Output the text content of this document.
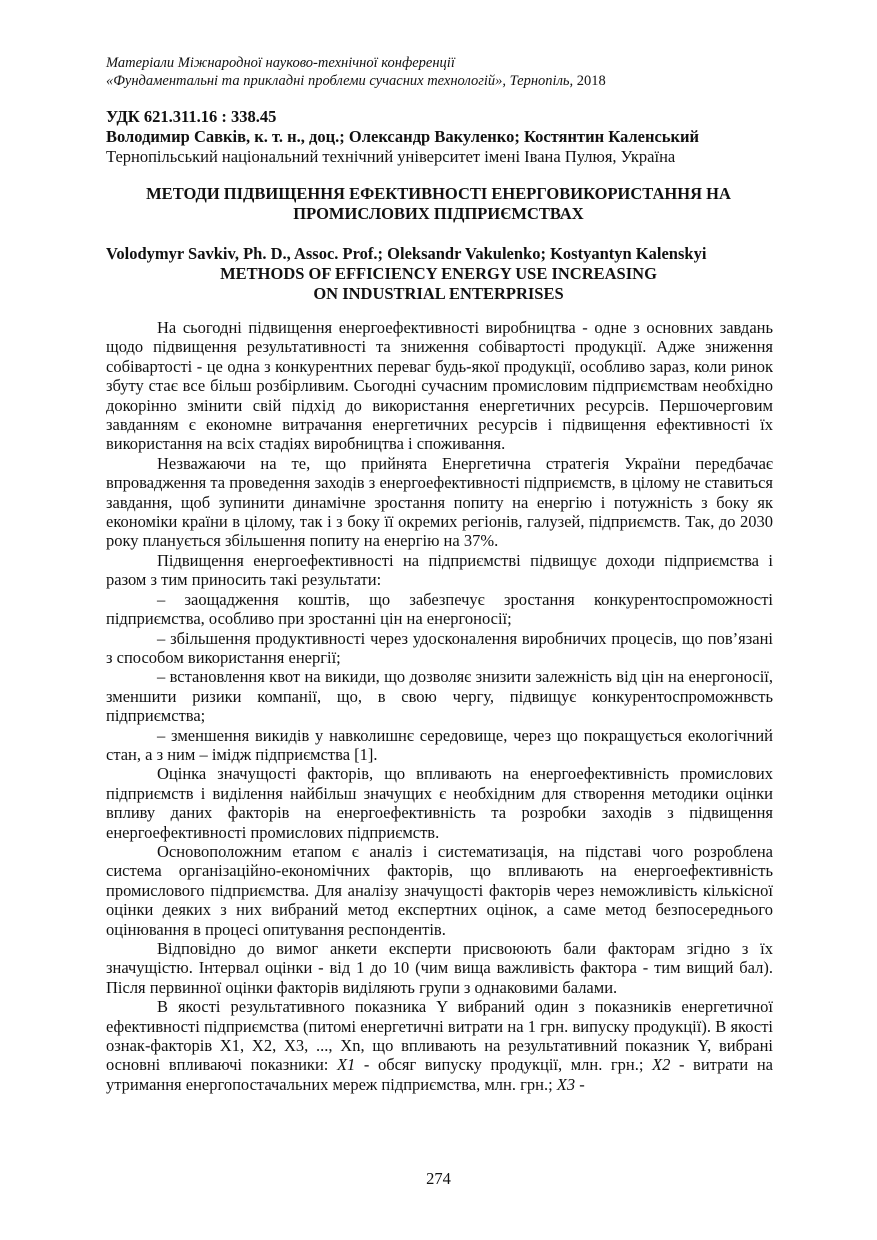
Матеріали Міжнародної науково-технічної конференції
«Фундаментальні та прикладні проблеми сучасних технологій», Тернопіль, 2018
УДК 621.311.16 : 338.45
Володимир Савків, к. т. н., доц.; Олександр Вакуленко; Костянтин Каленський
Тернопільський національний технічний університет імені Івана Пулюя, Україна
МЕТОДИ ПІДВИЩЕННЯ ЕФЕКТИВНОСТІ ЕНЕРГОВИКОРИСТАННЯ НА
ПРОМИСЛОВИХ ПІДПРИЄМСТВАХ
Volodymyr Savkiv, Ph. D., Assoc. Prof.; Oleksandr Vakulenko; Kostyantyn Kalenskyi
METHODS OF EFFICIENCY ENERGY USE INCREASING
ON INDUSTRIAL ENTERPRISES

На сьогодні підвищення енергоефективності виробництва - одне з основних завдань щодо підвищення результативності та зниження собівартості продукції. Адже зниження собівартості - це одна з конкурентних переваг будь-якої продукції, особливо зараз, коли ринок збуту стає все більш розбірливим. Сьогодні сучасним промисловим підприємствам необхідно докорінно змінити свій підхід до використання енергетичних ресурсів. Першочерговим завданням є економне витрачання енергетичних ресурсів і підвищення ефективності їх використання на всіх стадіях виробництва і споживання.

Незважаючи на те, що прийнята Енергетична стратегія України передбачає впровадження та проведення заходів з енергоефективності підприємств, в цілому не ставиться завдання, щоб зупинити динамічне зростання попиту на енергію і потужність з боку як економіки країни в цілому, так і з боку її окремих регіонів, галузей, підприємств. Так, до 2030 року планується збільшення попиту на енергію на 37%.

Підвищення енергоефективності на підприємстві підвищує доходи підприємства і разом з тим приносить такі результати:

– заощадження коштів, що забезпечує зростання конкурентоспроможності підприємства, особливо при зростанні цін на енергоносії;

– збільшення продуктивності через удосконалення виробничих процесів, що пов’язані з способом використання енергії;

– встановлення квот на викиди, що дозволяє знизити залежність від цін на енергоносії, зменшити ризики компанії, що, в свою чергу, підвищує конкурентоспроможнвсть підприємства;

– зменшення викидів у навколишнє середовище, через що покращується екологічний стан, а з ним – імідж підприємства [1].

Оцінка значущості факторів, що впливають на енергоефективність промислових підприємств і виділення найбільш значущих є необхідним для створення методики оцінки впливу даних факторів на енергоефективність та розробки заходів з підвищення енергоефективності промислових підприємств.

Основоположним етапом є аналіз і систематизація, на підставі чого розроблена система організаційно-економічних факторів, що впливають на енергоефективність промислового підприємства. Для аналізу значущості факторів через неможливість кількісної оцінки деяких з них вибраний метод експертних оцінок, а саме метод безпосереднього оцінювання в процесі опитування респондентів.

Відповідно до вимог анкети експерти присвоюють бали факторам згідно з їх значущістю. Інтервал оцінки - від 1 до 10 (чим вища важливість фактора - тим вищий бал). Після первинної оцінки факторів виділяють групи з однаковими балами.

В якості результативного показника Y вибраний один з показників енергетичної ефективності підприємства (питомі енергетичні витрати на 1 грн. випуску продукції). В якості ознак-факторів Х1, Х2, Х3, ..., Хn, що впливають на результативний показник Y, вибрані основні впливаючі показники: Х1 - обсяг випуску продукції, млн. грн.; Х2 - витрати на утримання енергопостачальних мереж підприємства, млн. грн.; Х3 -

274
